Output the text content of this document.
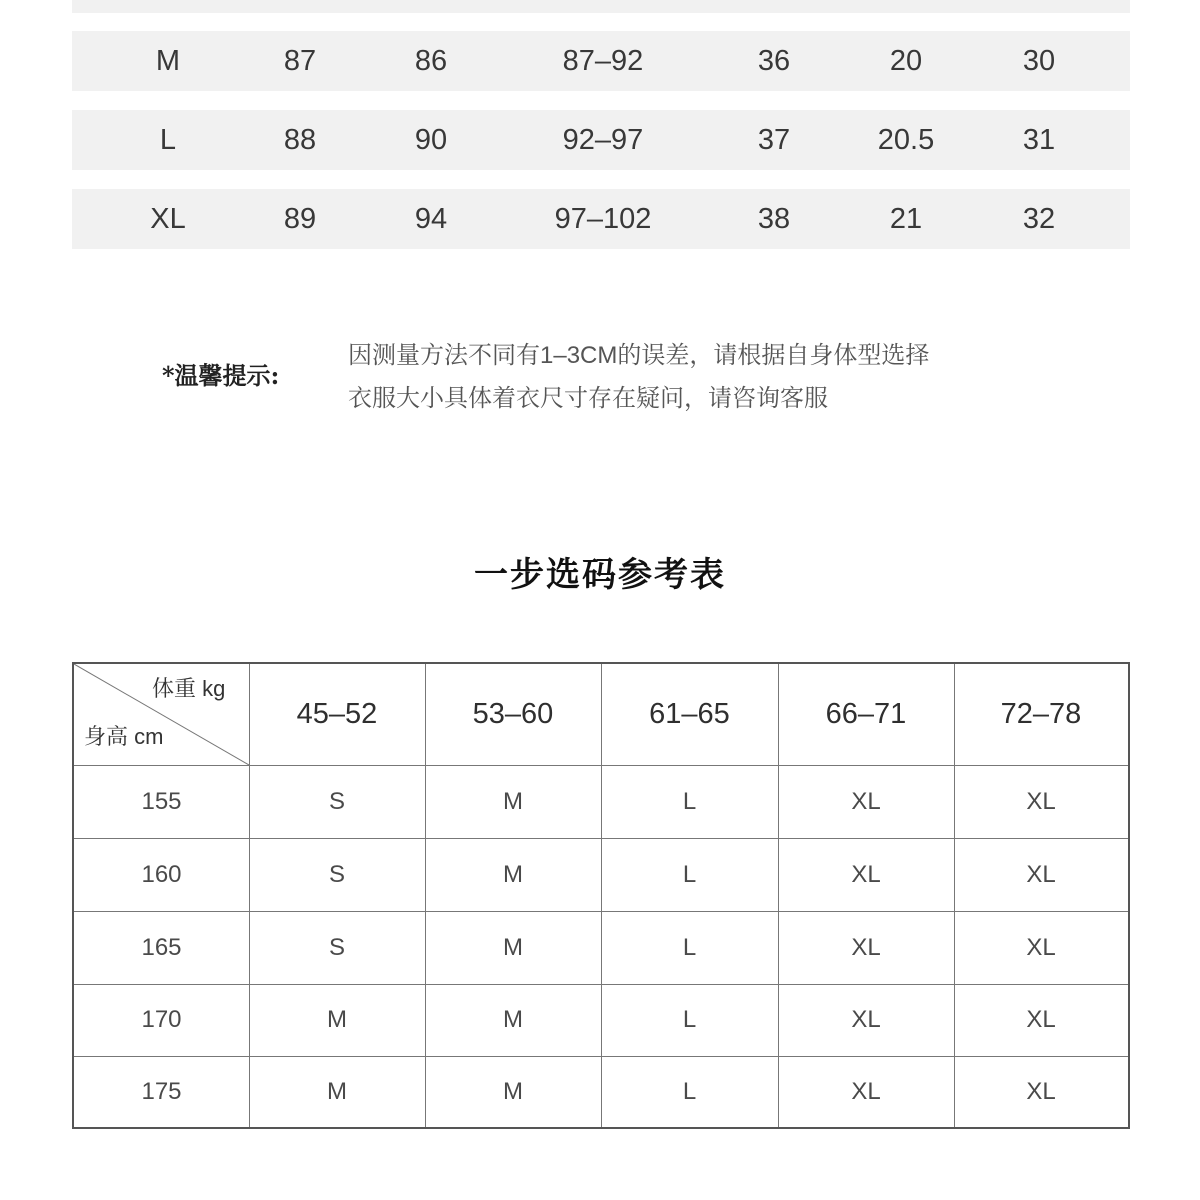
M	87	86	87–92	36	20	30
L	88	90	92–97	37	20.5	31
XL	89	94	97–102	38	21	32
*温馨提示:
因测量方法不同有1–3CM的误差，请根据自身体型选择
衣服大小具体着衣尺寸存在疑问，请咨询客服
一步选码参考表
体重 kg
身高 cm
45–52	53–60	61–65	66–71	72–78
155	S	M	L	XL	XL
160	S	M	L	XL	XL
165	S	M	L	XL	XL
170	M	M	L	XL	XL
175	M	M	L	XL	XL
